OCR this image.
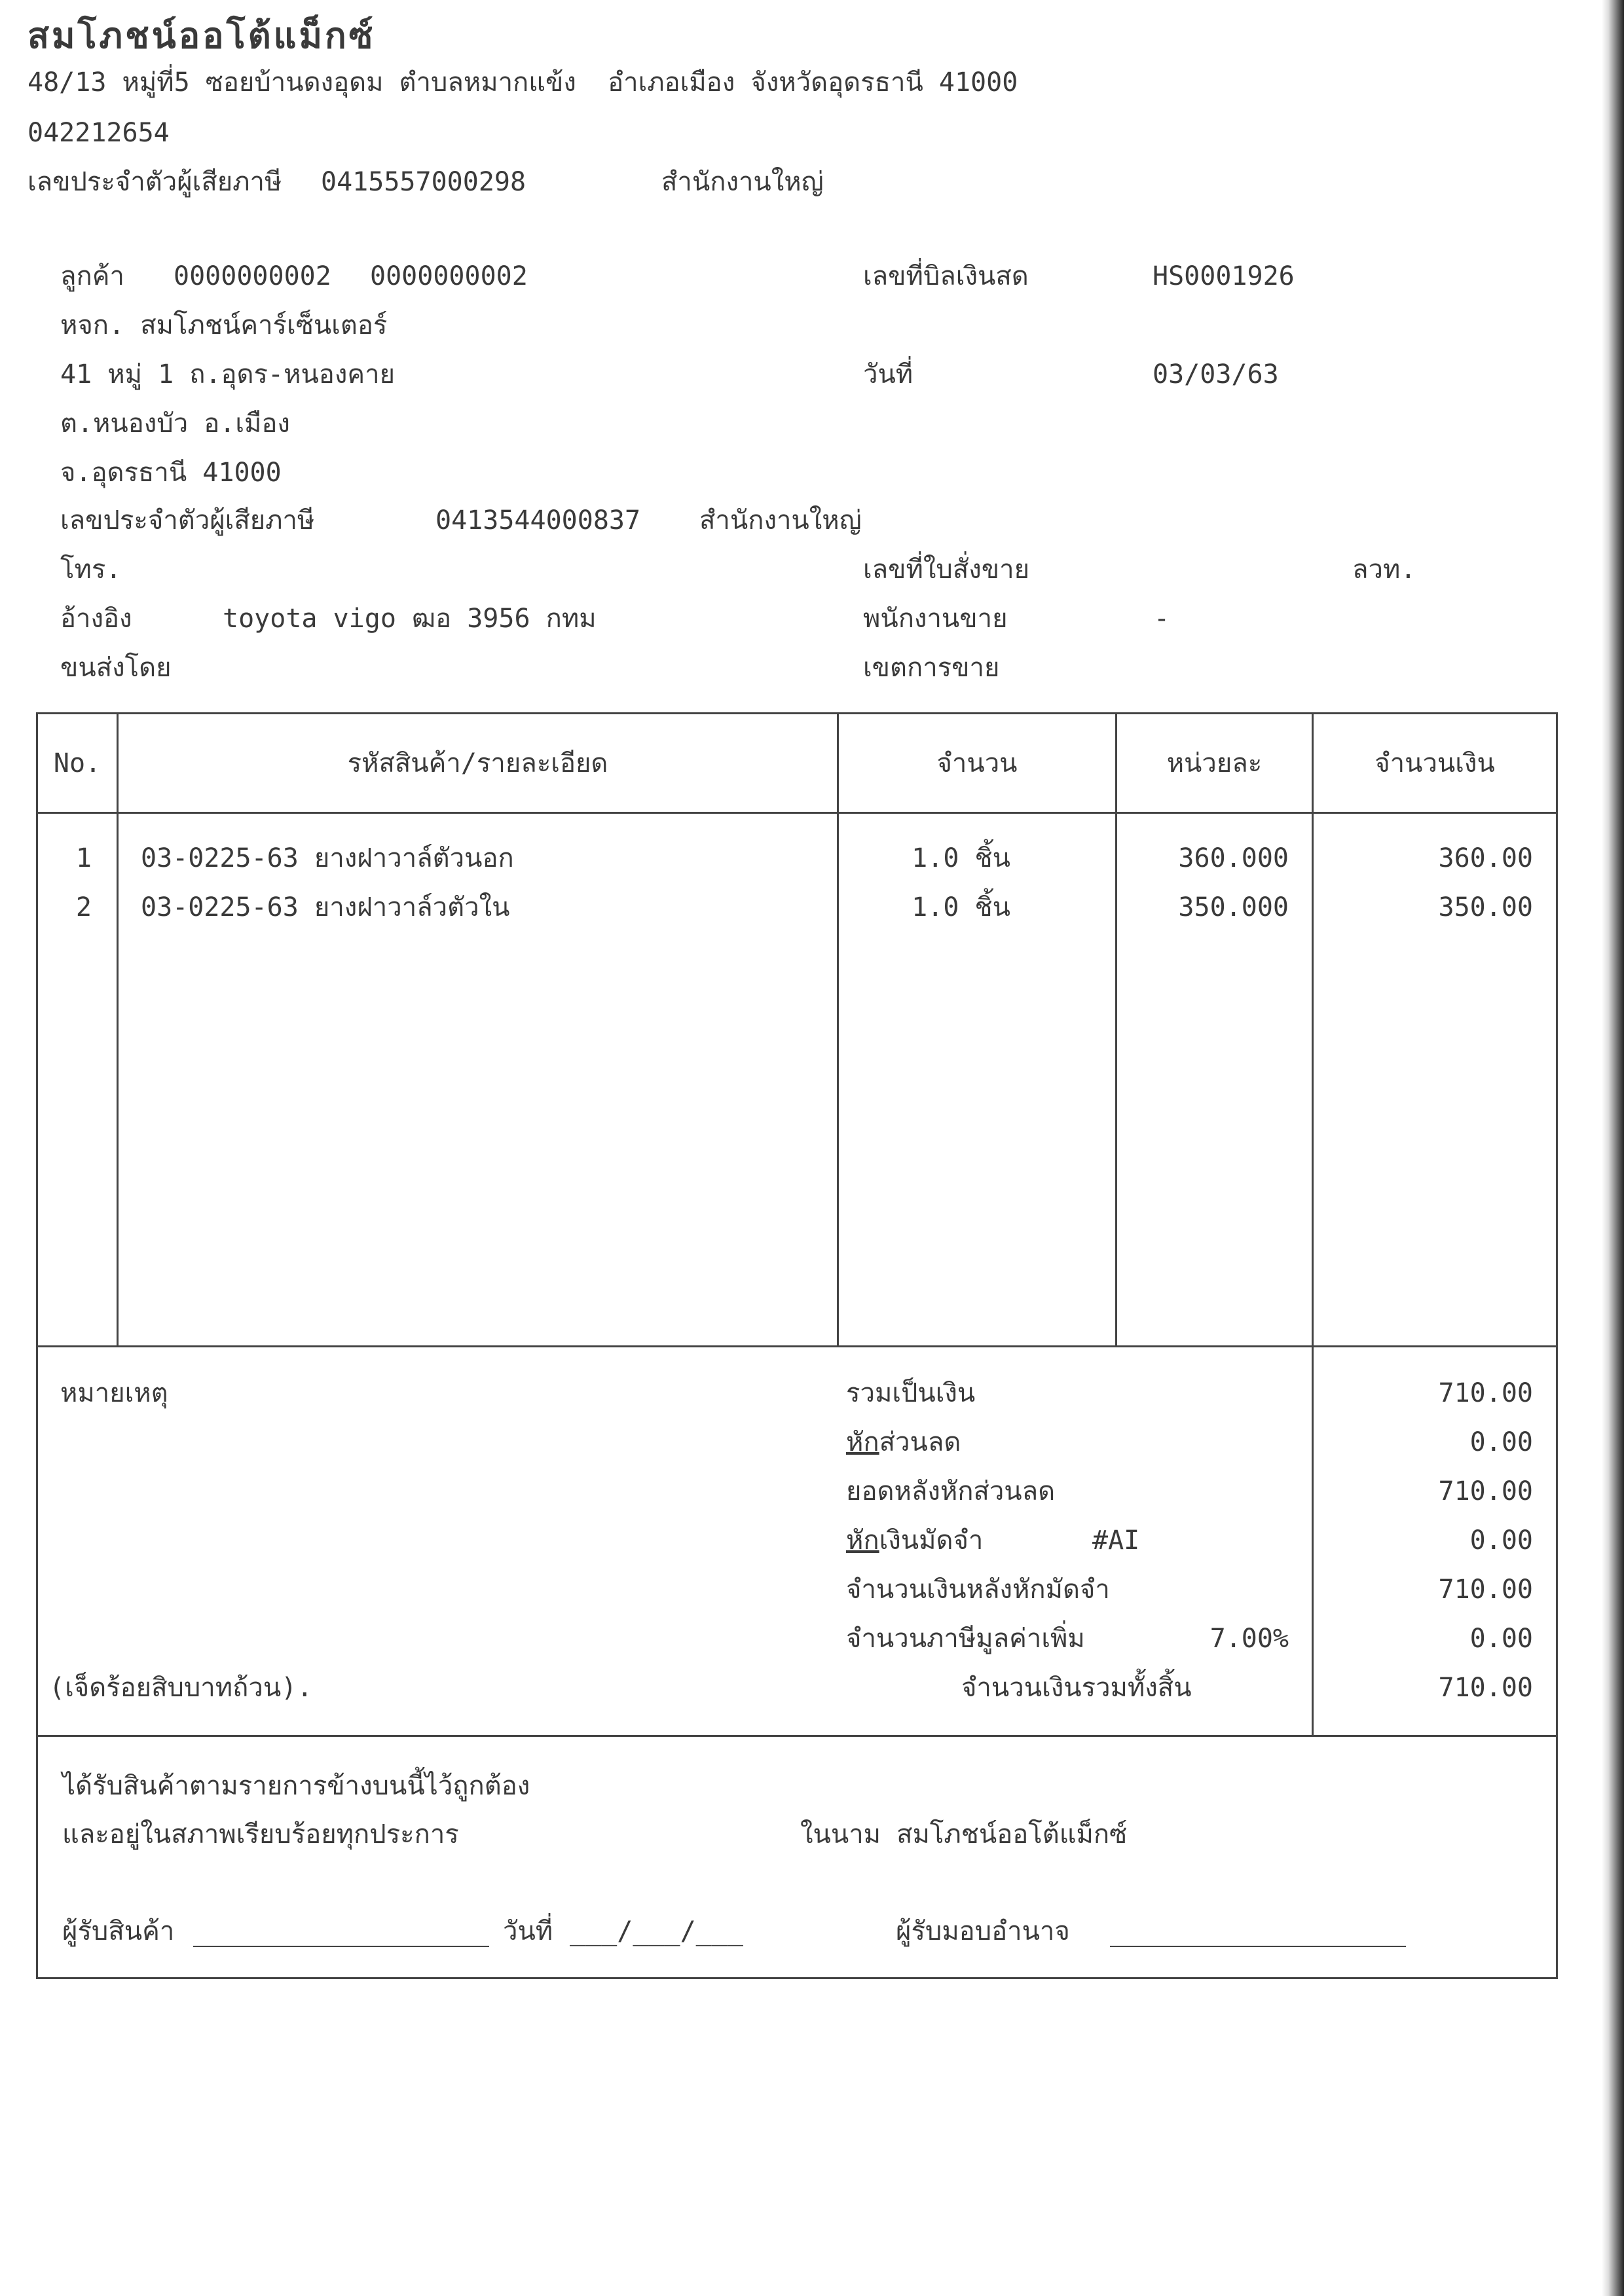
สมโภชน์ออโต้แม็กซ์
48/13 หมู่ที่5 ซอยบ้านดงอุดม ตำบลหมากแข้ง  อำเภอเมือง จังหวัดอุดรธานี 41000
042212654
เลขประจำตัวผู้เสียภาษี 0415557000298	สำนักงานใหญ่
ลูกค้า 0000000002 0000000002
หจก. สมโภชน์คาร์เซ็นเตอร์
41 หมู่ 1 ถ.อุดร-หนองคาย
ต.หนองบัว อ.เมือง
จ.อุดรธานี 41000
เลขประจำตัวผู้เสียภาษี	0413544000837 สำนักงานใหญ่
โทร.
อ้างอิง	toyota vigo ฒอ 3956 กทม
ขนส่งโดย
เลขที่บิลเงินสด	HS0001926
วันที่	03/03/63
เลขที่ใบสั่งขาย	ลวท.
พนักงานขาย	-
เขตการขาย
No.	รหัสสินค้า/รายละเอียด	จำนวน	หน่วยละ	จำนวนเงิน
1 03-0225-63 ยางฝาวาล์ตัวนอก	1.0 ชิ้น	360.000	360.00
2 03-0225-63 ยางฝาวาล์วตัวใน	1.0 ชิ้น	350.000	350.00
หมายเหตุ	รวมเป็นเงิน	710.00
หักส่วนลด	0.00
ยอดหลังหักส่วนลด	710.00
หักเงินมัดจำ	#AI	0.00
จำนวนเงินหลังหักมัดจำ	710.00
จำนวนภาษีมูลค่าเพิ่ม	7.00%	0.00
(เจ็ดร้อยสิบบาทถ้วน).	จำนวนเงินรวมทั้งสิ้น	710.00
ได้รับสินค้าตามรายการข้างบนนี้ไว้ถูกต้อง
และอยู่ในสภาพเรียบร้อยทุกประการ	ในนาม สมโภชน์ออโต้แม็กซ์
ผู้รับสินค้า	วันที่ ___/___/___	ผู้รับมอบอำนาจ
